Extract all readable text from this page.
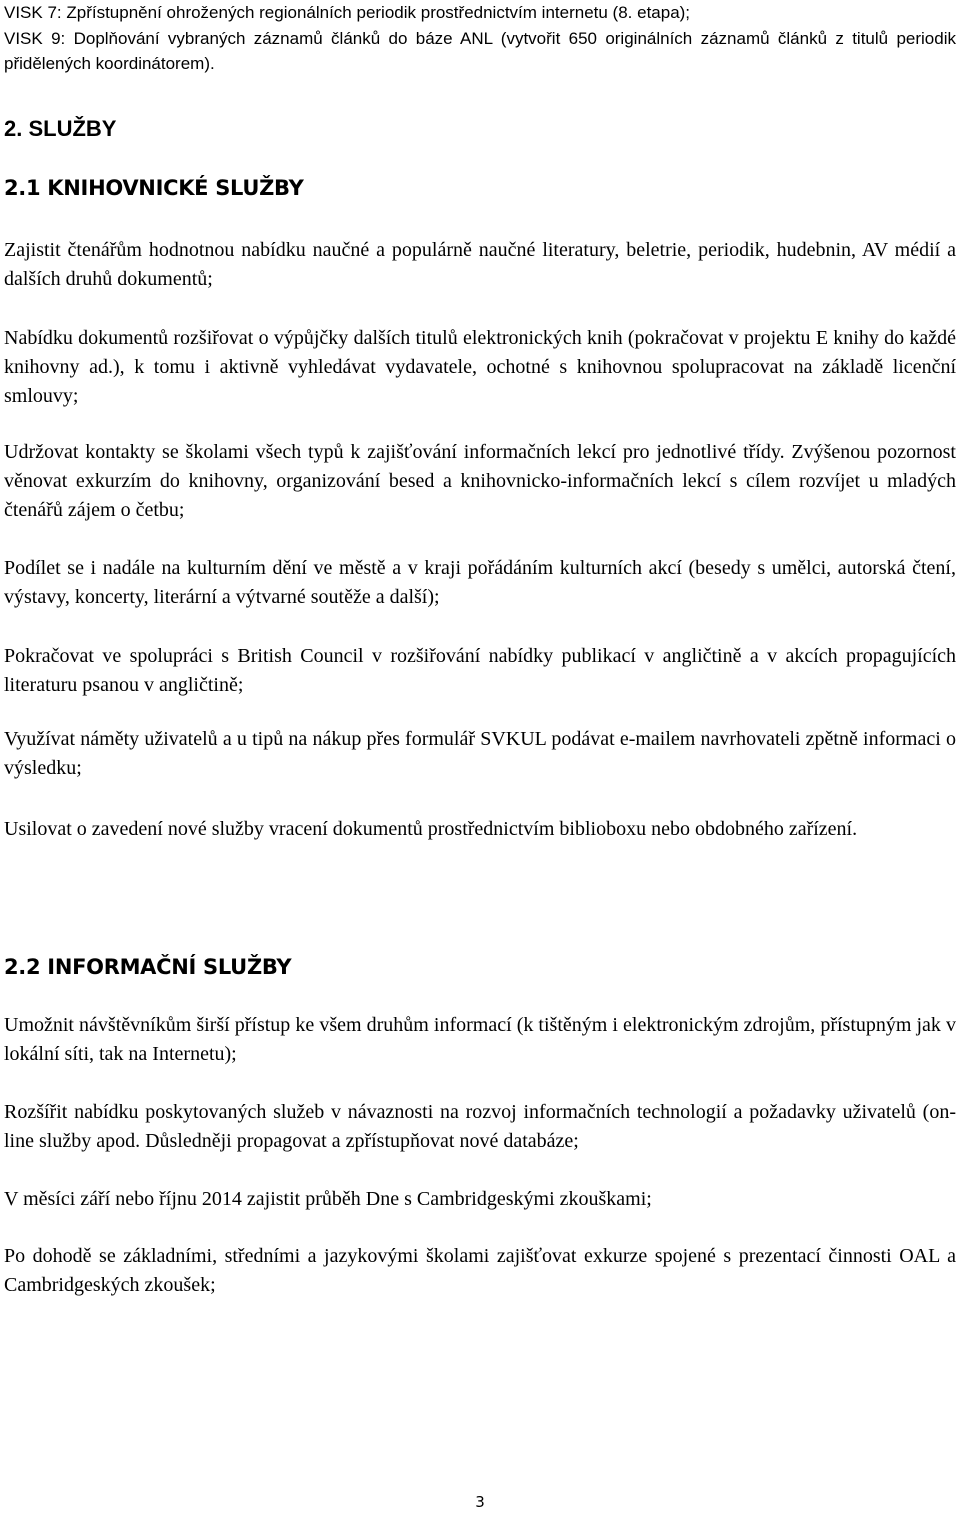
VISK 7: Zpřístupnění ohrožených regionálních periodik prostřednictvím internetu (8. etapa);

VISK 9: Doplňování vybraných záznamů článků do báze ANL (vytvořit 650 originálních záznamů článků z titulů periodik přidělených koordinátorem).

2. SLUŽBY
2.1 KNIHOVNICKÉ SLUŽBY

Zajistit čtenářům hodnotnou nabídku naučné a populárně naučné literatury, beletrie, periodik, hudebnin, AV médií a dalších druhů dokumentů;

Nabídku dokumentů rozšiřovat o výpůjčky dalších titulů elektronických knih (pokračovat v projektu E knihy do každé knihovny ad.), k tomu i aktivně vyhledávat vydavatele, ochotné s knihovnou spolupracovat na základě licenční smlouvy;

Udržovat kontakty se školami všech typů k zajišťování informačních lekcí pro jednotlivé třídy. Zvýšenou pozornost věnovat exkurzím do knihovny, organizování besed a knihovnicko-informačních lekcí s cílem rozvíjet u mladých čtenářů zájem o četbu;

Podílet se i nadále na kulturním dění ve městě a v kraji pořádáním kulturních akcí (besedy s umělci, autorská čtení, výstavy, koncerty, literární a výtvarné soutěže a další);

Pokračovat ve spolupráci s British Council v rozšiřování nabídky publikací v angličtině a v akcích propagujících literaturu psanou v angličtině;

Využívat náměty uživatelů a u tipů na nákup přes formulář SVKUL podávat e-mailem navrhovateli zpětně informaci o výsledku;

Usilovat o zavedení nové služby vracení dokumentů prostřednictvím biblioboxu nebo obdobného zařízení.

2.2 INFORMAČNÍ SLUŽBY

Umožnit návštěvníkům širší přístup ke všem druhům informací (k tištěným i elektronickým zdrojům, přístupným jak v lokální síti, tak na Internetu);

Rozšířit nabídku poskytovaných služeb v návaznosti na rozvoj informačních technologií a požadavky uživatelů (on-line služby apod. Důsledněji propagovat a zpřístupňovat nové databáze;

V měsíci září nebo říjnu 2014 zajistit průběh Dne s Cambridgeskými zkouškami;

Po dohodě se základními, středními a jazykovými školami zajišťovat exkurze spojené s prezentací činnosti OAL a Cambridgeských zkoušek;

3
